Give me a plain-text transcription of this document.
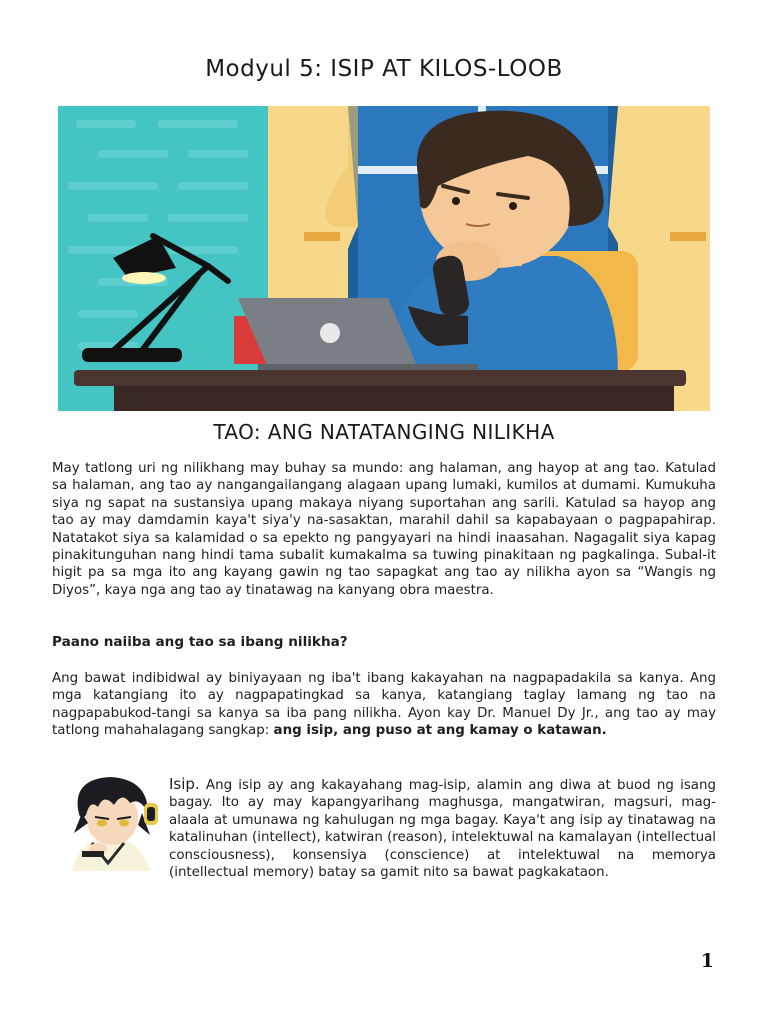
Modyul 5: ISIP AT KILOS-LOOB
TAO: ANG NATATANGING NILIKHA

May tatlong uri ng nilikhang may buhay sa mundo: ang halaman, ang hayop at ang tao. Katulad sa halaman, ang tao ay nangangailangang alagaan upang lumaki, kumilos at dumami. Kumukuha siya ng sapat na sustansiya upang makaya niyang suportahan ang sarili. Katulad sa hayop ang tao ay may damdamin kaya't siya'y na-sasaktan, marahil dahil sa kapabayaan o pagpapahirap. Natatakot siya sa kalamidad o sa epekto ng pangyayari na hindi inaasahan. Nagagalit siya kapag pinakitunguhan nang hindi tama subalit kumakalma sa tuwing pinakitaan ng pagkalinga. Subal-it higit pa sa mga ito ang kayang gawin ng tao sapagkat ang tao ay nilikha ayon sa “Wangis ng Diyos”, kaya nga ang tao ay tinatawag na kanyang obra maestra.

Paano naiiba ang tao sa ibang nilikha?

Ang bawat indibidwal ay biniyayaan ng iba't ibang kakayahan na nagpapadakila sa kanya. Ang mga katangiang ito ay nagpapatingkad sa kanya, katangiang taglay lamang ng tao na nagpapabukod-tangi sa kanya sa iba pang nilikha. Ayon kay Dr. Manuel Dy Jr., ang tao ay may tatlong mahahalagang sangkap: ang isip, ang puso at ang kamay o katawan.

Isip. Ang isip ay ang kakayahang mag-isip, alamin ang diwa at buod ng isang bagay. Ito ay may kapangyarihang maghusga, mangatwiran, magsuri, mag-alaala at umunawa ng kahulugan ng mga bagay. Kaya't ang isip ay tinatawag na katalinuhan (intellect), katwiran (reason), intelektuwal na kamalayan (intellectual consciousness), konsensiya (conscience) at intelektuwal na memorya (intellectual memory) batay sa gamit nito sa bawat pagkakataon.

1
